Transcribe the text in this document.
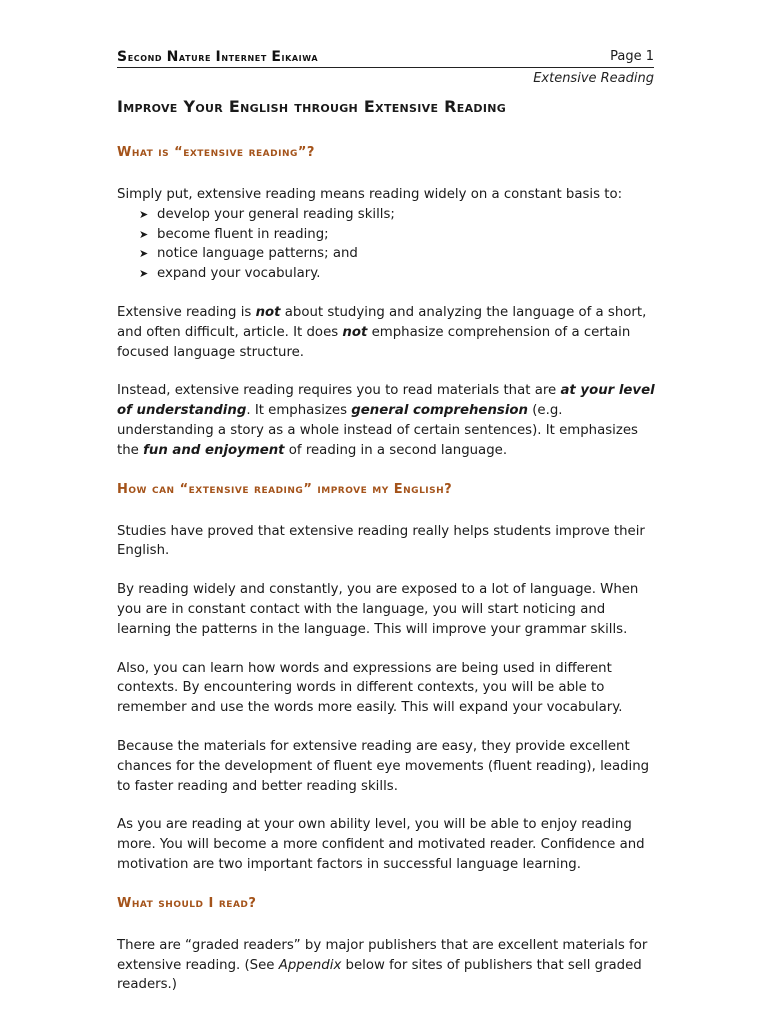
Second Nature Internet Eikaiwa	Page 1
Extensive Reading
Improve Your English through Extensive Reading
What is “extensive reading”?

Simply put, extensive reading means reading widely on a constant basis to:

➤ develop your general reading skills;
➤ become fluent in reading;
➤ notice language patterns; and
➤ expand your vocabulary.

Extensive reading is not about studying and analyzing the language of a short, and often difficult, article. It does not emphasize comprehension of a certain focused language structure.

Instead, extensive reading requires you to read materials that are at your level of understanding. It emphasizes general comprehension (e.g. understanding a story as a whole instead of certain sentences). It emphasizes the fun and enjoyment of reading in a second language.

How can “extensive reading” improve my English?

Studies have proved that extensive reading really helps students improve their English.

By reading widely and constantly, you are exposed to a lot of language. When you are in constant contact with the language, you will start noticing and learning the patterns in the language. This will improve your grammar skills.

Also, you can learn how words and expressions are being used in different contexts. By encountering words in different contexts, you will be able to remember and use the words more easily. This will expand your vocabulary.

Because the materials for extensive reading are easy, they provide excellent chances for the development of fluent eye movements (fluent reading), leading to faster reading and better reading skills.

As you are reading at your own ability level, you will be able to enjoy reading more. You will become a more confident and motivated reader. Confidence and motivation are two important factors in successful language learning.

What should I read?

There are “graded readers” by major publishers that are excellent materials for extensive reading. (See Appendix below for sites of publishers that sell graded readers.)
